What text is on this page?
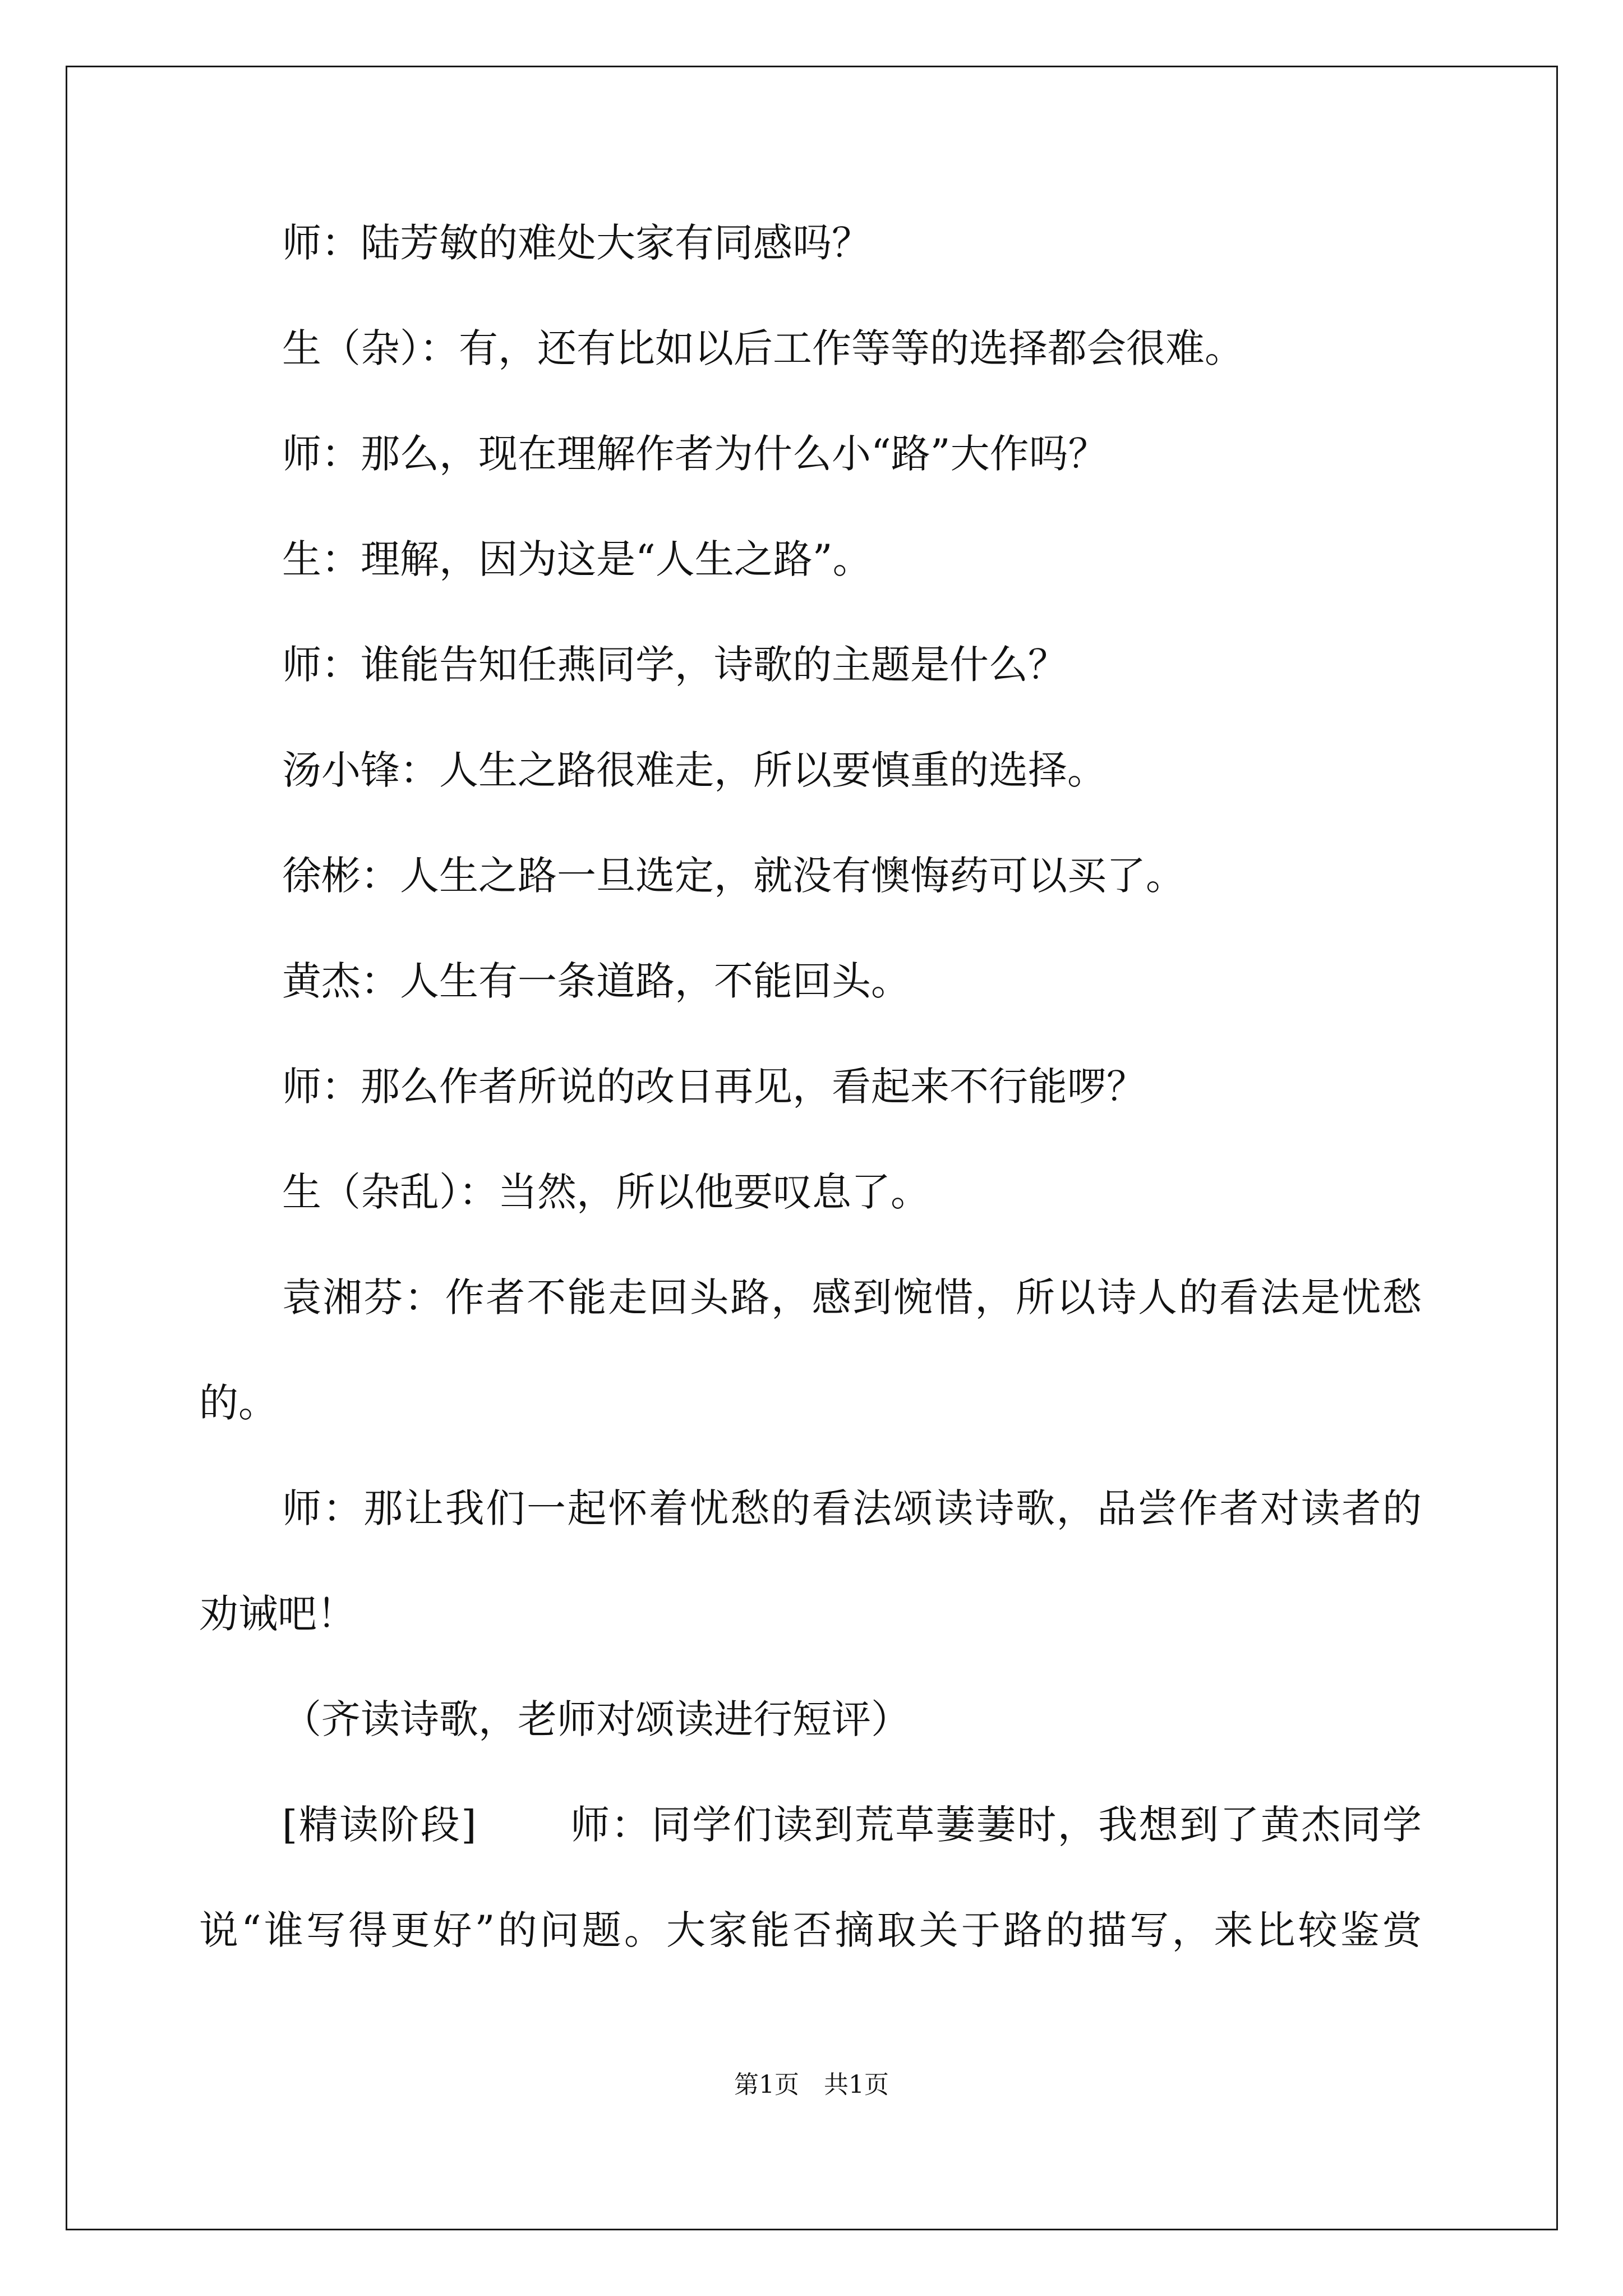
师：陆芳敏的难处大家有同感吗？

生（杂）：有，还有比如以后工作等等的选择都会很难。

师：那么，现在理解作者为什么小“路”大作吗？

生：理解，因为这是“人生之路”。

师：谁能告知任燕同学，诗歌的主题是什么？

汤小锋：人生之路很难走，所以要慎重的选择。

徐彬：人生之路一旦选定，就没有懊悔药可以买了。

黄杰：人生有一条道路，不能回头。

师：那么作者所说的改日再见，看起来不行能啰？

生（杂乱）：当然，所以他要叹息了。

袁湘芬：作者不能走回头路，感到惋惜，所以诗人的看法是忧愁

的。

师：那让我们一起怀着忧愁的看法颂读诗歌，品尝作者对读者的

劝诫吧！

（齐读诗歌，老师对颂读进行短评）

[精读阶段] 师：同学们读到荒草萋萋时，我想到了黄杰同学

说“谁写得更好”的问题。大家能否摘取关于路的描写，来比较鉴赏

第1页　共1页
